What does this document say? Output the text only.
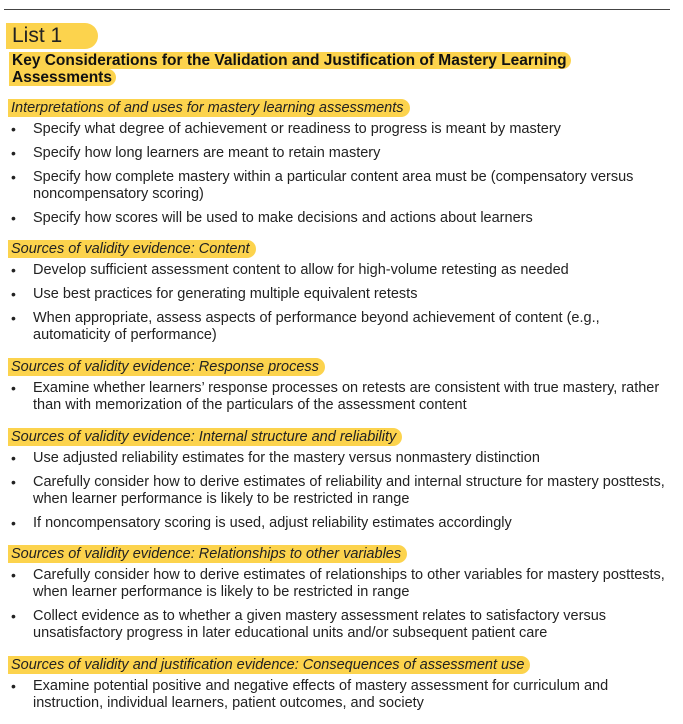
List 1
Key Considerations for the Validation and Justification of Mastery Learning Assessments
Interpretations of and uses for mastery learning assessments
• Specify what degree of achievement or readiness to progress is meant by mastery
• Specify how long learners are meant to retain mastery
• Specify how complete mastery within a particular content area must be (compensatory versus noncompensatory scoring)
• Specify how scores will be used to make decisions and actions about learners
Sources of validity evidence: Content
• Develop sufficient assessment content to allow for high-volume retesting as needed
• Use best practices for generating multiple equivalent retests
• When appropriate, assess aspects of performance beyond achievement of content (e.g., automaticity of performance)
Sources of validity evidence: Response process
• Examine whether learners’ response processes on retests are consistent with true mastery, rather than with memorization of the particulars of the assessment content
Sources of validity evidence: Internal structure and reliability
• Use adjusted reliability estimates for the mastery versus nonmastery distinction
• Carefully consider how to derive estimates of reliability and internal structure for mastery posttests, when learner performance is likely to be restricted in range
• If noncompensatory scoring is used, adjust reliability estimates accordingly
Sources of validity evidence: Relationships to other variables
• Carefully consider how to derive estimates of relationships to other variables for mastery posttests, when learner performance is likely to be restricted in range
• Collect evidence as to whether a given mastery assessment relates to satisfactory versus unsatisfactory progress in later educational units and/or subsequent patient care
Sources of validity and justification evidence: Consequences of assessment use
• Examine potential positive and negative effects of mastery assessment for curriculum and instruction, individual learners, patient outcomes, and society
